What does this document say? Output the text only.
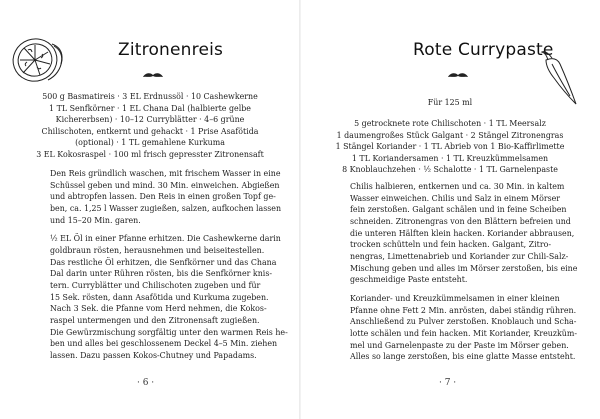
Zitronenreis
500 g Basmatireis · 3 EL Erdnussöl · 10 Cashewkerne
1 TL Senfkörner · 1 EL Chana Dal (halbierte gelbe
Kichererbsen) · 10–12 Curryblätter · 4–6 grüne
Chilischoten, entkernt und gehackt · 1 Prise Asafötida
(optional) · 1 TL gemahlene Kurkuma
3 EL Kokosraspel · 100 ml frisch gepresster Zitronensaft
Den Reis gründlich waschen, mit frischem Wasser in eine
Schüssel geben und mind. 30 Min. einweichen. Abgießen
und abtropfen lassen. Den Reis in einen großen Topf ge-
ben, ca. 1,25 l Wasser zugießen, salzen, aufkochen lassen
und 15–20 Min. garen.
½ EL Öl in einer Pfanne erhitzen. Die Cashewkerne darin
goldbraun rösten, herausnehmen und beiseitestellen.
Das restliche Öl erhitzen, die Senfkörner und das Chana
Dal darin unter Rühren rösten, bis die Senfkörner knis-
tern. Curryblätter und Chilischoten zugeben und für
15 Sek. rösten, dann Asafötida und Kurkuma zugeben.
Nach 3 Sek. die Pfanne vom Herd nehmen, die Kokos-
raspel untermengen und den Zitronensaft zugießen.
Die Gewürzmischung sorgfältig unter den warmen Reis he-
ben und alles bei geschlossenem Deckel 4–5 Min. ziehen
lassen. Dazu passen Kokos-Chutney und Papadams.
· 6 ·
Rote Currypaste
Für 125 ml
5 getrocknete rote Chilischoten · 1 TL Meersalz
1 daumengroßes Stück Galgant · 2 Stängel Zitronengras
1 Stängel Koriander · 1 TL Abrieb von 1 Bio-Kaffirlimette
1 TL Koriandersamen · 1 TL Kreuzkümmelsamen
8 Knoblauchzehen · ½ Schalotte · 1 TL Garnelenpaste
Chilis halbieren, entkernen und ca. 30 Min. in kaltem
Wasser einweichen. Chilis und Salz in einem Mörser
fein zerstoßen. Galgant schälen und in feine Scheiben
schneiden. Zitronengras von den Blättern befreien und
die unteren Hälften klein hacken. Koriander abbrausen,
trocken schütteln und fein hacken. Galgant, Zitro-
nengras, Limettenabrieb und Koriander zur Chili-Salz-
Mischung geben und alles im Mörser zerstoßen, bis eine
geschmeidige Paste entsteht.
Koriander- und Kreuzkümmelsamen in einer kleinen
Pfanne ohne Fett 2 Min. anrösten, dabei ständig rühren.
Anschließend zu Pulver zerstoßen. Knoblauch und Scha-
lotte schälen und fein hacken. Mit Koriander, Kreuzküm-
mel und Garnelenpaste zu der Paste im Mörser geben.
Alles so lange zerstoßen, bis eine glatte Masse entsteht.
· 7 ·
